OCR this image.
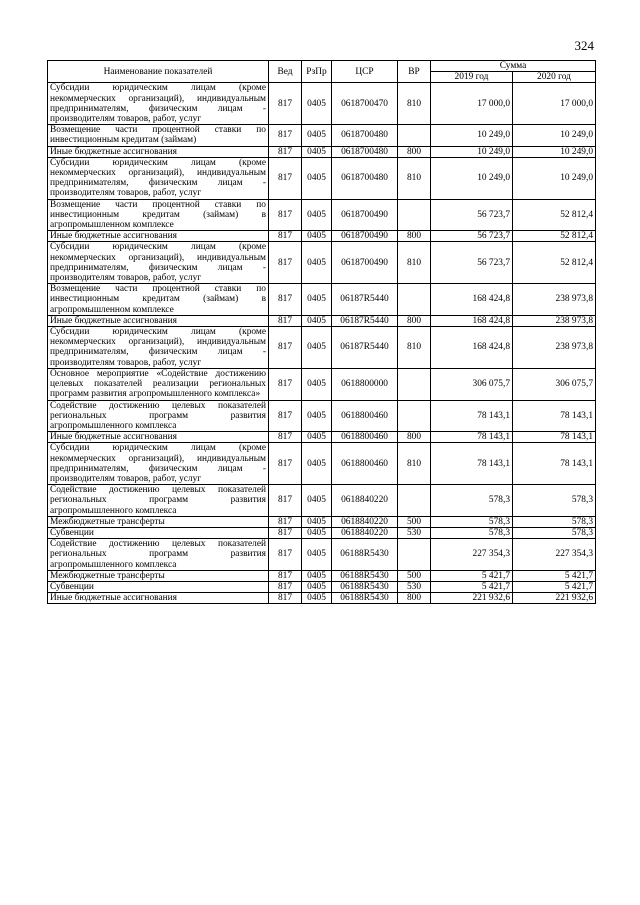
324
Наименование показателей	Вед	РзПр	ЦСР	ВР	Сумма	
					2019 год	2020 год
Субсидии юридическим лицам (кроме некоммерческих организаций), индивидуальным предпринимателям, физическим лицам - производителям товаров, работ, услуг	817	0405	0618700470	810	17 000,0	17 000,0
Возмещение части процентной ставки по инвестиционным кредитам (займам)	817	0405	0618700480		10 249,0	10 249,0
Иные бюджетные ассигнования	817	0405	0618700480	800	10 249,0	10 249,0
Субсидии юридическим лицам (кроме некоммерческих организаций), индивидуальным предпринимателям, физическим лицам - производителям товаров, работ, услуг	817	0405	0618700480	810	10 249,0	10 249,0
Возмещение части процентной ставки по инвестиционным кредитам (займам) в агропромышленном комплексе	817	0405	0618700490		56 723,7	52 812,4
Иные бюджетные ассигнования	817	0405	0618700490	800	56 723,7	52 812,4
Субсидии юридическим лицам (кроме некоммерческих организаций), индивидуальным предпринимателям, физическим лицам - производителям товаров, работ, услуг	817	0405	0618700490	810	56 723,7	52 812,4
Возмещение части процентной ставки по инвестиционным кредитам (займам) в агропромышленном комплексе	817	0405	06187R5440		168 424,8	238 973,8
Иные бюджетные ассигнования	817	0405	06187R5440	800	168 424,8	238 973,8
Субсидии юридическим лицам (кроме некоммерческих организаций), индивидуальным предпринимателям, физическим лицам - производителям товаров, работ, услуг	817	0405	06187R5440	810	168 424,8	238 973,8
Основное мероприятие «Содействие достижению целевых показателей реализации региональных программ развития агропромышленного комплекса»	817	0405	0618800000		306 075,7	306 075,7
Содействие достижению целевых показателей региональных программ развития агропромышленного комплекса	817	0405	0618800460		78 143,1	78 143,1
Иные бюджетные ассигнования	817	0405	0618800460	800	78 143,1	78 143,1
Субсидии юридическим лицам (кроме некоммерческих организаций), индивидуальным предпринимателям, физическим лицам - производителям товаров, работ, услуг	817	0405	0618800460	810	78 143,1	78 143,1
Содействие достижению целевых показателей региональных программ развития агропромышленного комплекса	817	0405	0618840220		578,3	578,3
Межбюджетные трансферты	817	0405	0618840220	500	578,3	578,3
Субвенции	817	0405	0618840220	530	578,3	578,3
Содействие достижению целевых показателей региональных программ развития агропромышленного комплекса	817	0405	06188R5430		227 354,3	227 354,3
Межбюджетные трансферты	817	0405	06188R5430	500	5 421,7	5 421,7
Субвенции	817	0405	06188R5430	530	5 421,7	5 421,7
Иные бюджетные ассигнования	817	0405	06188R5430	800	221 932,6	221 932,6
